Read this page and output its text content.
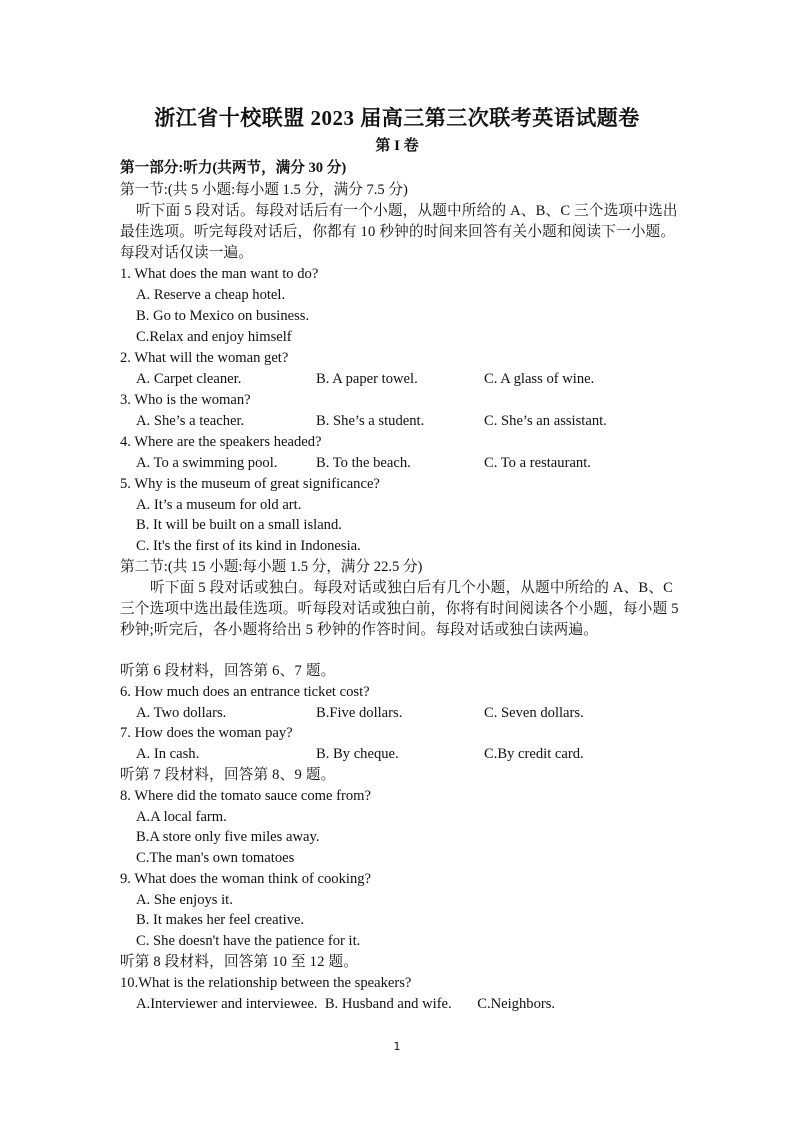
浙江省十校联盟 2023 届高三第三次联考英语试题卷
第 I 卷
第一部分:听力(共两节，满分 30 分)
第一节:(共 5 小题:每小题 1.5 分，满分 7.5 分)
听下面 5 段对话。每段对话后有一个小题，从题中所给的 A、B、C 三个选项中选出最佳选项。听完每段对话后，你都有 10 秒钟的时间来回答有关小题和阅读下一小题。每段对话仅读一遍。
1. What does the man want to do?
A. Reserve a cheap hotel.
B. Go to Mexico on business.
C.Relax and enjoy himself
2. What will the woman get?
A. Carpet cleaner.	B. A paper towel.	C. A glass of wine.
3. Who is the woman?
A. She’s a teacher.	B. She’s a student.	C. She’s an assistant.
4. Where are the speakers headed?
A. To a swimming pool.	B. To the beach.	C. To a restaurant.
5. Why is the museum of great significance?
A. It’s a museum for old art.
B. It will be built on a small island.
C. It's the first of its kind in Indonesia.
第二节:(共 15 小题:每小题 1.5 分，满分 22.5 分)
听下面 5 段对话或独白。每段对话或独白后有几个小题，从题中所给的 A、B、C 三个选项中选出最佳选项。听每段对话或独白前，你将有时间阅读各个小题，每小题 5 秒钟;听完后，各小题将给出 5 秒钟的作答时间。每段对话或独白读两遍。
听第 6 段材料，回答第 6、7 题。
6. How much does an entrance ticket cost?
A. Two dollars.	B.Five dollars.	C. Seven dollars.
7. How does the woman pay?
A. In cash.	B. By cheque.	C.By credit card.
听第 7 段材料，回答第 8、9 题。
8. Where did the tomato sauce come from?
A.A local farm.
B.A store only five miles away.
C.The man's own tomatoes
9. What does the woman think of cooking?
A. She enjoys it.
B. It makes her feel creative.
C. She doesn't have the patience for it.
听第 8 段材料，回答第 10 至 12 题。
10.What is the relationship between the speakers?
A.Interviewer and interviewee.  B. Husband and wife.       C.Neighbors.
1
